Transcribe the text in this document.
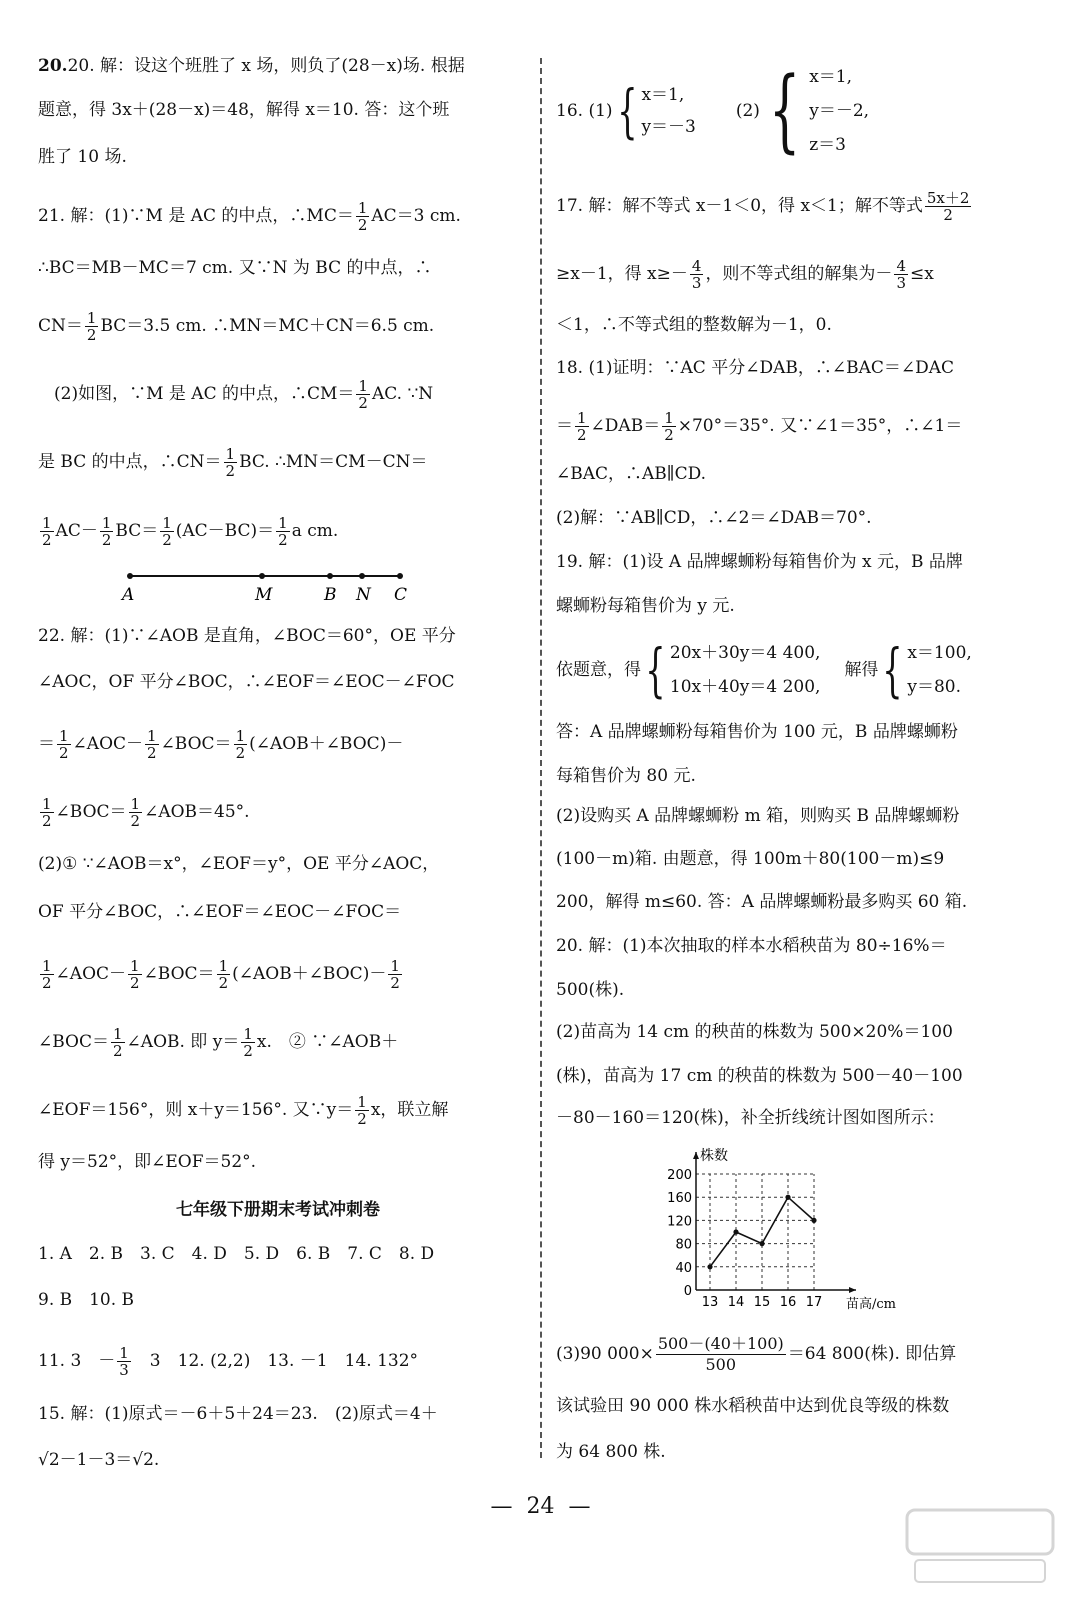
20.20. 解：设这个班胜了 x 场，则负了(28－x)场. 根据
题意，得 3x＋(28－x)＝48，解得 x＝10. 答：这个班
胜了 10 场.
21. 解：(1)∵M 是 AC 的中点，∴MC＝ $\frac{1}{2} AC=3$ cm.
∴BC＝MB－MC＝7 cm. 又∵N 为 BC 的中点，∴
$CN= \frac{1}{2} BC=3.5$ cm. ∴MN＝MC＋CN＝6.5 cm.
(2)如图，∵M 是 AC 的中点，∴CM＝ $\frac{1}{2}$ AC. ∵N
是 BC 的中点，∴CN＝ $\frac{1}{2}$ BC. ∴MN＝CM－CN＝
$\frac{1}{2} AC- \frac{1}{2} BC= \frac{1}{2} (AC-BC)= \frac{1}{2}$ a cm.
A	M	B N C
22. 解：(1)∵∠AOB 是直角，∠BOC＝60°，OE 平分
∠AOC，OF 平分∠BOC，∴∠EOF＝∠EOC－∠FOC
＝ $\frac{1}{2}$ ∠AOC－ $\frac{1}{2}$ ∠BOC＝ $\frac{1}{2}$ (∠AOB＋∠BOC)－
$\frac{1}{2}$ ∠BOC＝ $\frac{1}{2}$ ∠AOB＝45°.
(2)① ∵∠AOB＝x°，∠EOF＝y°，OE 平分∠AOC，
OF 平分∠BOC，∴∠EOF＝∠EOC－∠FOC＝
$\frac{1}{2}$ ∠AOC－ $\frac{1}{2}$ ∠BOC＝ $\frac{1}{2}$ (∠AOB＋∠BOC)－ $\frac{1}{2}$
∠BOC＝ $\frac{1}{2}$ ∠AOB. 即 $y= \frac{1}{2} x$.　② ∵∠AOB＋
∠EOF＝156°，则 x＋y＝156°. 又∵y＝ $\frac{1}{2}$ x，联立解
得 y＝52°，即∠EOF＝52°.
七年级下册期末考试冲刺卷
1. A　2. B　3. C　4. D　5. D　6. B　7. C　8. D
9. B　10. B
11. 3　－ $\frac{1}{3}$ 　3　12. (2,2)　13. －1　14. 132°
15. 解：(1)原式＝－6＋5＋24＝23.　(2)原式＝4＋
√2－1－3＝√2.
16. (1) { x＝1,
y＝－3
(2) { x＝1,
y＝－2,
z＝3
17. 解：解不等式 x－1＜0，得 x＜1；解不等式 $\frac{5x+2}{2}$
≥x－1，得 $x\ge- \frac{4}{3}$ ，则不等式组的解集为－ $\frac{4}{3} \le x$
＜1，∴不等式组的整数解为－1，0.
18. (1)证明：∵AC 平分∠DAB，∴∠BAC＝∠DAC
＝ $\frac{1}{2}$ ∠DAB＝ $\frac{1}{2} \times 70^\circ=35^\circ$. 又∵∠1＝35°，∴∠1＝
∠BAC，∴AB∥CD.
(2)解：∵AB∥CD，∴∠2＝∠DAB＝70°.
19. 解：(1)设 A 品牌螺蛳粉每箱售价为 x 元，B 品牌
螺蛳粉每箱售价为 y 元.
依题意，得 { 20x＋30y＝4 400,
10x＋40y＝4 200,
解得 { x＝100,
y＝80.
答：A 品牌螺蛳粉每箱售价为 100 元，B 品牌螺蛳粉
每箱售价为 80 元.
(2)设购买 A 品牌螺蛳粉 m 箱，则购买 B 品牌螺蛳粉
(100－m)箱. 由题意，得 100m＋80(100－m)≤9
200，解得 m≤60. 答：A 品牌螺蛳粉最多购买 60 箱.
20. 解：(1)本次抽取的样本水稻秧苗为 80÷16%＝
500(株).
(2)苗高为 14 cm 的秧苗的株数为 500×20%＝100
(株)，苗高为 17 cm 的秧苗的株数为 500－40－100
－80－160＝120(株)，补全折线统计图如图所示：
0
40
80
120
160
200
13 14 15 16 17
株数
苗高/cm
(3)90 $000\times \frac{500-(40+100)}{500} =64$ 800(株). 即估算
该试验田 90 000 株水稻秧苗中达到优良等级的株数
为 64 800 株.
— 24 —
